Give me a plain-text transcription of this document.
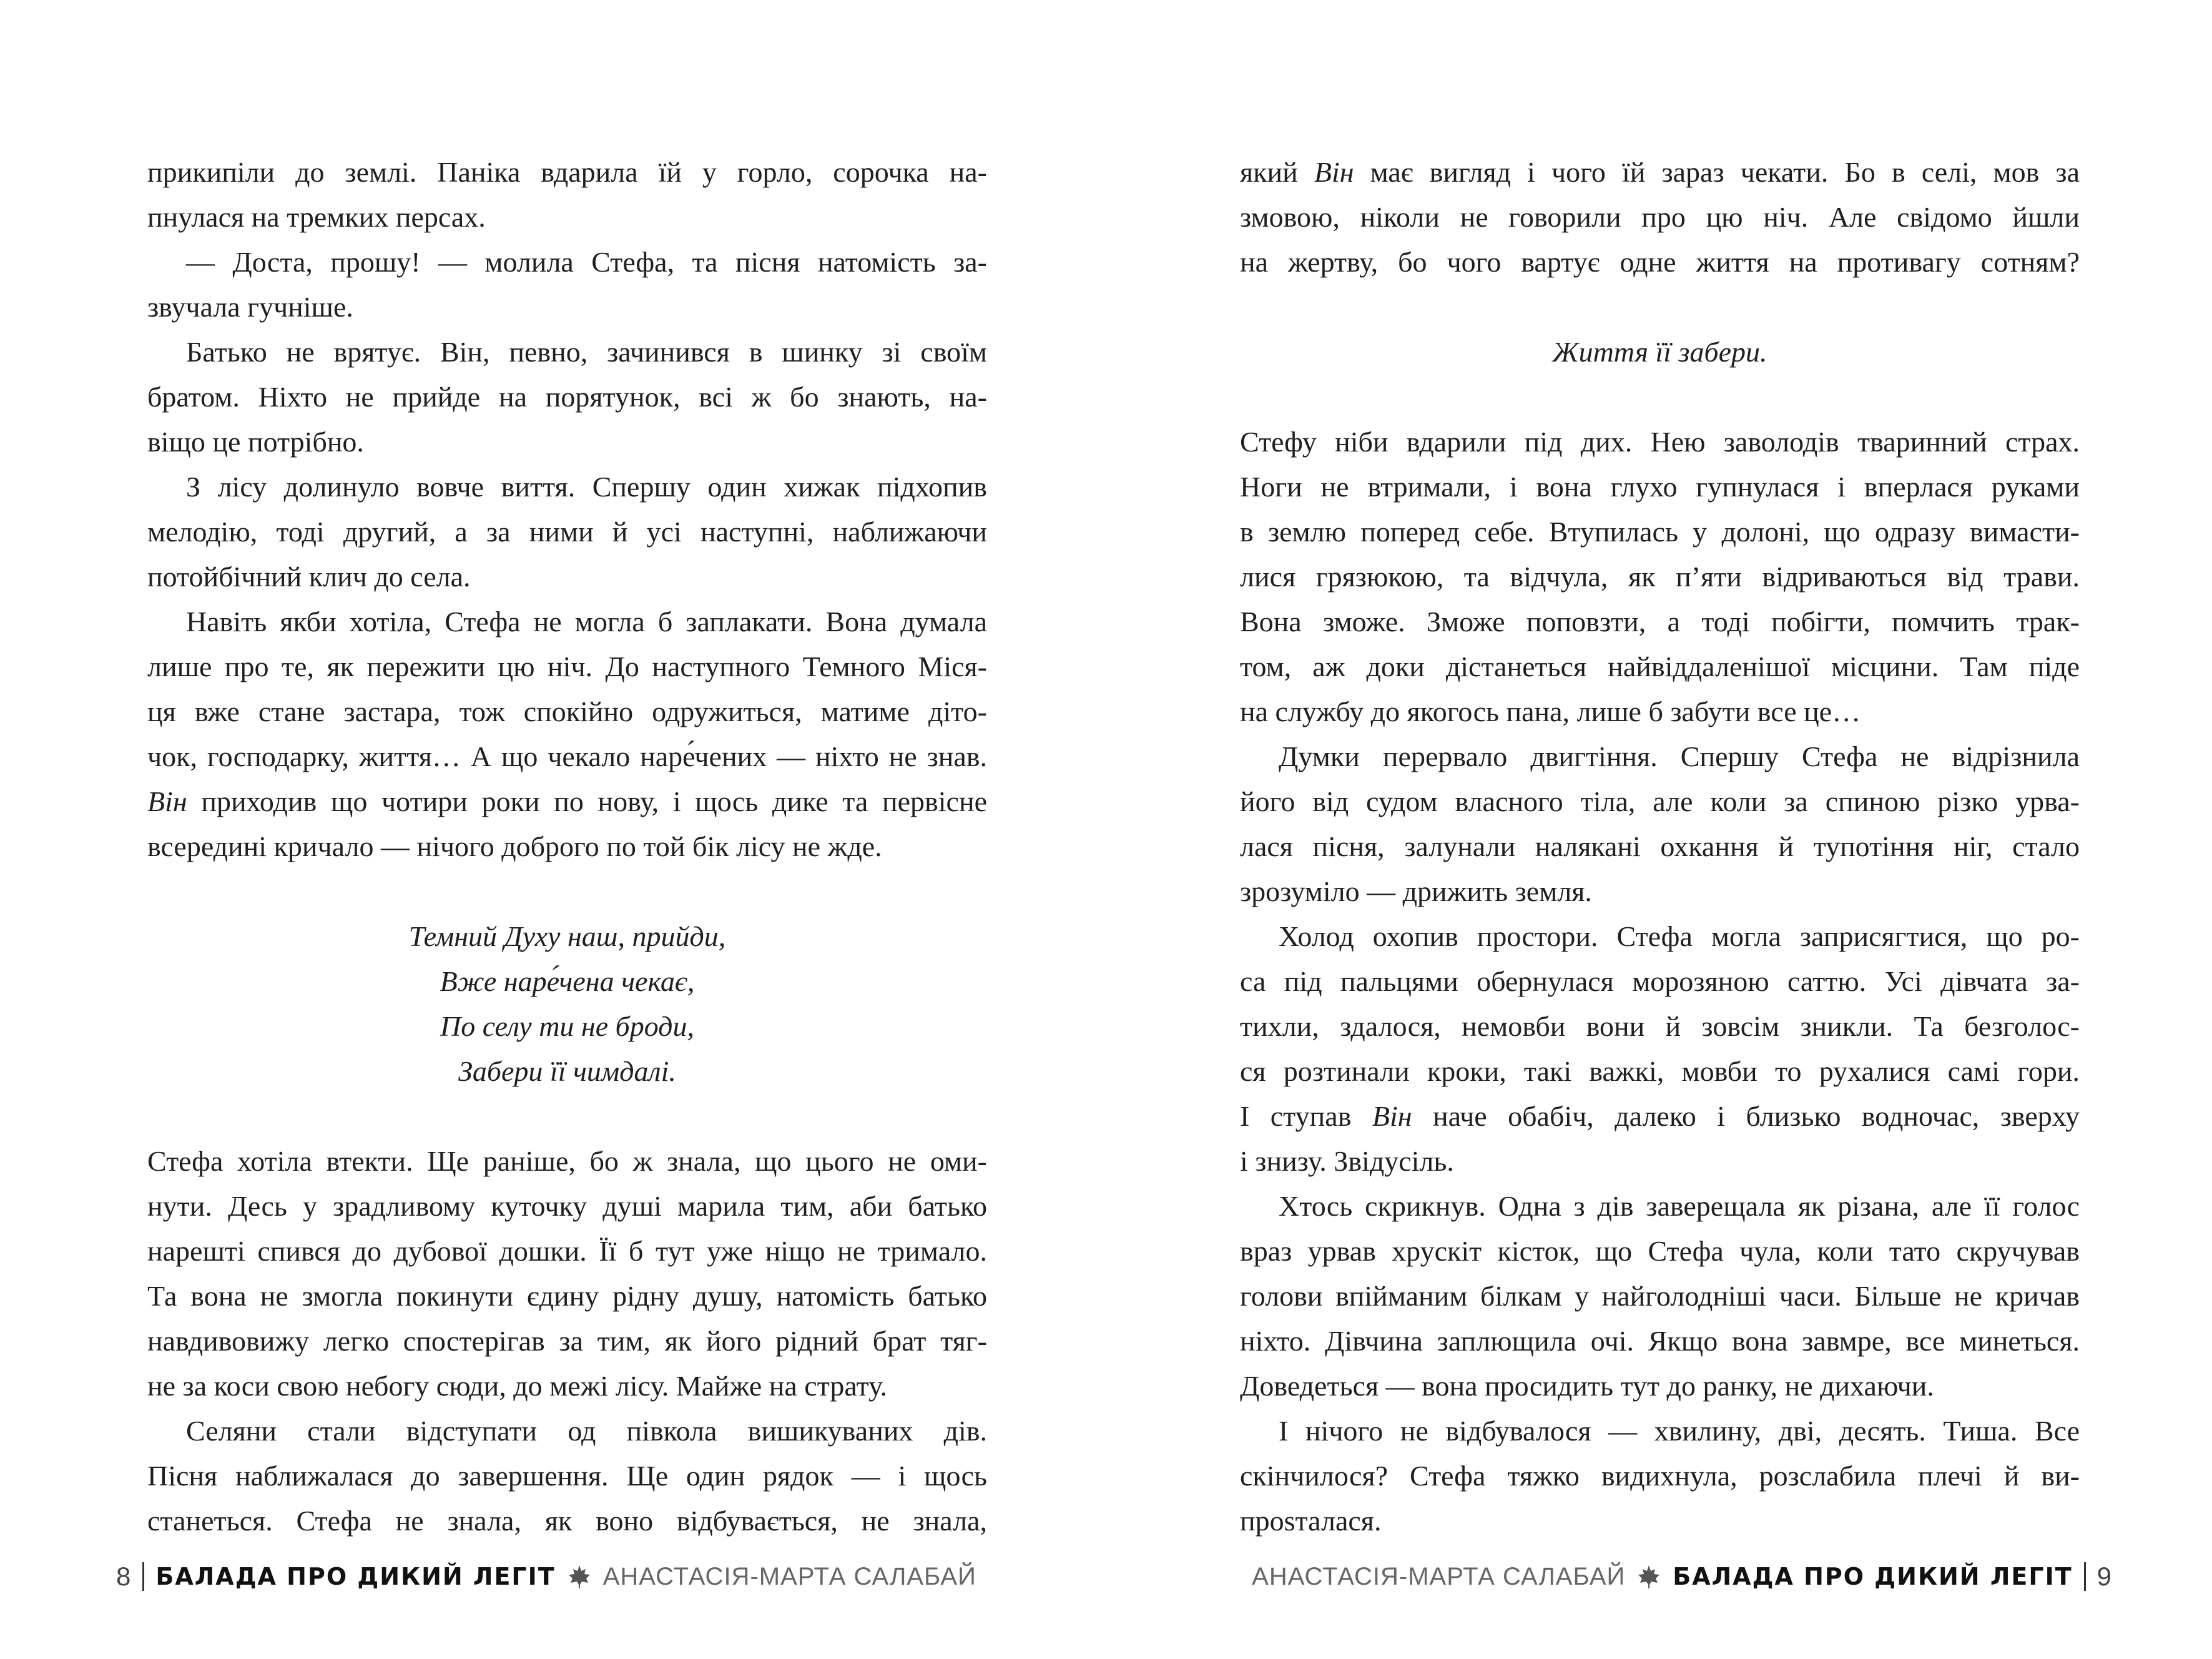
прикипіли до землі. Паніка вдарила їй у горло, сорочка на-
пнулася на тремких персах.
— Доста, прошу! — молила Стефа, та пісня натомість за-
звучала гучніше.
Батько не врятує. Він, певно, зачинився в шинку зі своїм
братом. Ніхто не прийде на порятунок, всі ж бо знають, на-
віщо це потрібно.
З лісу долинуло вовче виття. Спершу один хижак підхопив
мелодію, тоді другий, а за ними й усі наступні, наближаючи
потойбічний клич до села.
Навіть якби хотіла, Стефа не могла б заплакати. Вона думала
лише про те, як пережити цю ніч. До наступного Темного Міся-
ця вже стане застара, тож спокійно одружиться, матиме діто-
чок, господарку, життя… А що чекало наре́чених — ніхто не знав.
Він приходив що чотири роки по нову, і щось дике та первісне
всередині кричало — нічого доброго по той бік лісу не жде.
Темний Духу наш, прийди,
Вже наре́чена чекає,
По селу ти не броди,
Забери її чимдалі.
Стефа хотіла втекти. Ще раніше, бо ж знала, що цього не оми-
нути. Десь у зрадливому куточку душі марила тим, аби батько
нарешті спився до дубової дошки. Її б тут уже ніщо не тримало.
Та вона не змогла покинути єдину рідну душу, натомість батько
навдивовижу легко спостерігав за тим, як його рідний брат тяг-
не за коси свою небогу сюди, до межі лісу. Майже на страту.
Селяни стали відступати од півкола вишикуваних дів.
Пісня наближалася до завершення. Ще один рядок — і щось
станеться. Стефа не знала, як воно відбувається, не знала,
8 БАЛАДА ПРО ДИКИЙ ЛЕГІТ АНАСТАСІЯ-МАРТА САЛАБАЙ
який Він має вигляд і чого їй зараз чекати. Бо в селі, мов за
змовою, ніколи не говорили про цю ніч. Але свідомо йшли
на жертву, бо чого вартує одне життя на противагу сотням?
Життя її забери.
Стефу ніби вдарили під дих. Нею заволодів тваринний страх.
Ноги не втримали, і вона глухо гупнулася і вперлася руками
в землю поперед себе. Втупилась у долоні, що одразу вимасти-
лися грязюкою, та відчула, як п’яти відриваються від трави.
Вона зможе. Зможе поповзти, а тоді побігти, помчить трак-
том, аж доки дістанеться найвіддаленішої місцини. Там піде
на службу до якогось пана, лише б забути все це…
Думки перервало двигтіння. Спершу Стефа не відрізнила
його від судом власного тіла, але коли за спиною різко урва-
лася пісня, залунали налякані охкання й тупотіння ніг, стало
зрозуміло — дрижить земля.
Холод охопив простори. Стефа могла заприсягтися, що ро-
са під пальцями обернулася морозяною саттю. Усі дівчата за-
тихли, здалося, немовби вони й зовсім зникли. Та безголос-
ся розтинали кроки, такі важкі, мовби то рухалися самі гори.
І ступав Він наче обабіч, далеко і близько водночас, зверху
і знизу. Звідусіль.
Хтось скрикнув. Одна з дів заверещала як різана, але її голос
враз урвав хрускіт кісток, що Стефа чула, коли тато скручував
голови впійманим білкам у найголодніші часи. Більше не кричав
ніхто. Дівчина заплющила очі. Якщо вона завмре, все минеться.
Доведеться — вона просидить тут до ранку, не дихаючи.
І нічого не відбувалося — хвилину, дві, десять. Тиша. Все
скінчилося? Стефа тяжко видихнула, розслабила плечі й ви-
прosталася.
АНАСТАСІЯ-МАРТА САЛАБАЙ БАЛАДА ПРО ДИКИЙ ЛЕГІТ 9
